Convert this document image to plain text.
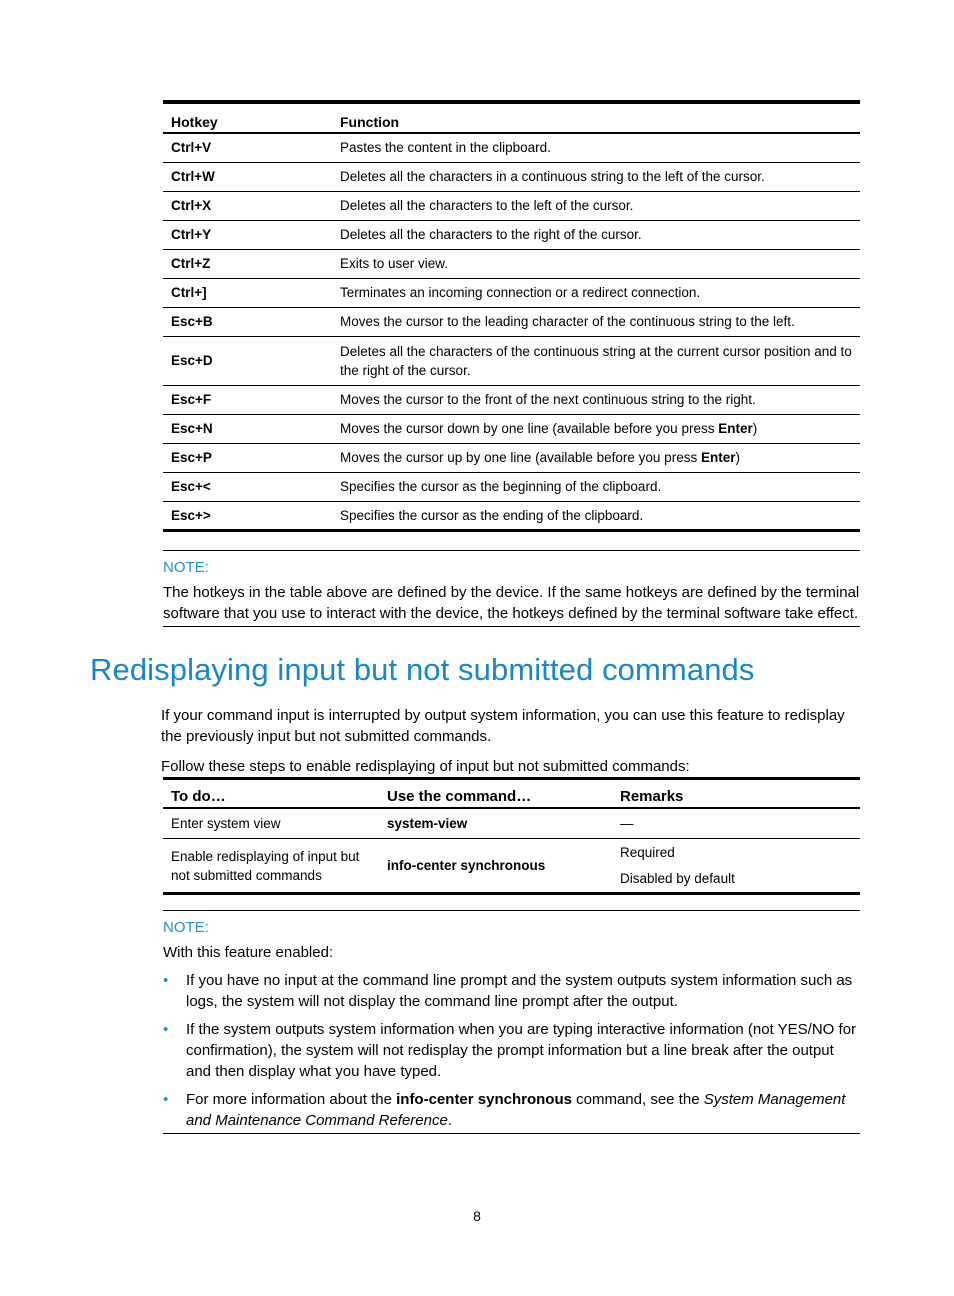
Hotkey	Function
Ctrl+V	Pastes the content in the clipboard.
Ctrl+W	Deletes all the characters in a continuous string to the left of the cursor.
Ctrl+X	Deletes all the characters to the left of the cursor.
Ctrl+Y	Deletes all the characters to the right of the cursor.
Ctrl+Z	Exits to user view.
Ctrl+]	Terminates an incoming connection or a redirect connection.
Esc+B	Moves the cursor to the leading character of the continuous string to the left.
Esc+D	Deletes all the characters of the continuous string at the current cursor position and to the right of the cursor.
Esc+F	Moves the cursor to the front of the next continuous string to the right.
Esc+N	Moves the cursor down by one line (available before you press Enter)
Esc+P	Moves the cursor up by one line (available before you press Enter)
Esc+<	Specifies the cursor as the beginning of the clipboard.
Esc+>	Specifies the cursor as the ending of the clipboard.
NOTE:

The hotkeys in the table above are defined by the device. If the same hotkeys are defined by the terminal software that you use to interact with the device, the hotkeys defined by the terminal software take effect.

Redisplaying input but not submitted commands

If your command input is interrupted by output system information, you can use this feature to redisplay the previously input but not submitted commands.

Follow these steps to enable redisplaying of input but not submitted commands:

To do…	Use the command…	Remarks
Enter system view	system-view	—
Enable redisplaying of input but not submitted commands	info-center synchronous	Required
Disabled by default
NOTE:

With this feature enabled:

• If you have no input at the command line prompt and the system outputs system information such as logs, the system will not display the command line prompt after the output.
• If the system outputs system information when you are typing interactive information (not YES/NO for confirmation), the system will not redisplay the prompt information but a line break after the output and then display what you have typed.
• For more information about the info-center synchronous command, see the System Management and Maintenance Command Reference.
8
